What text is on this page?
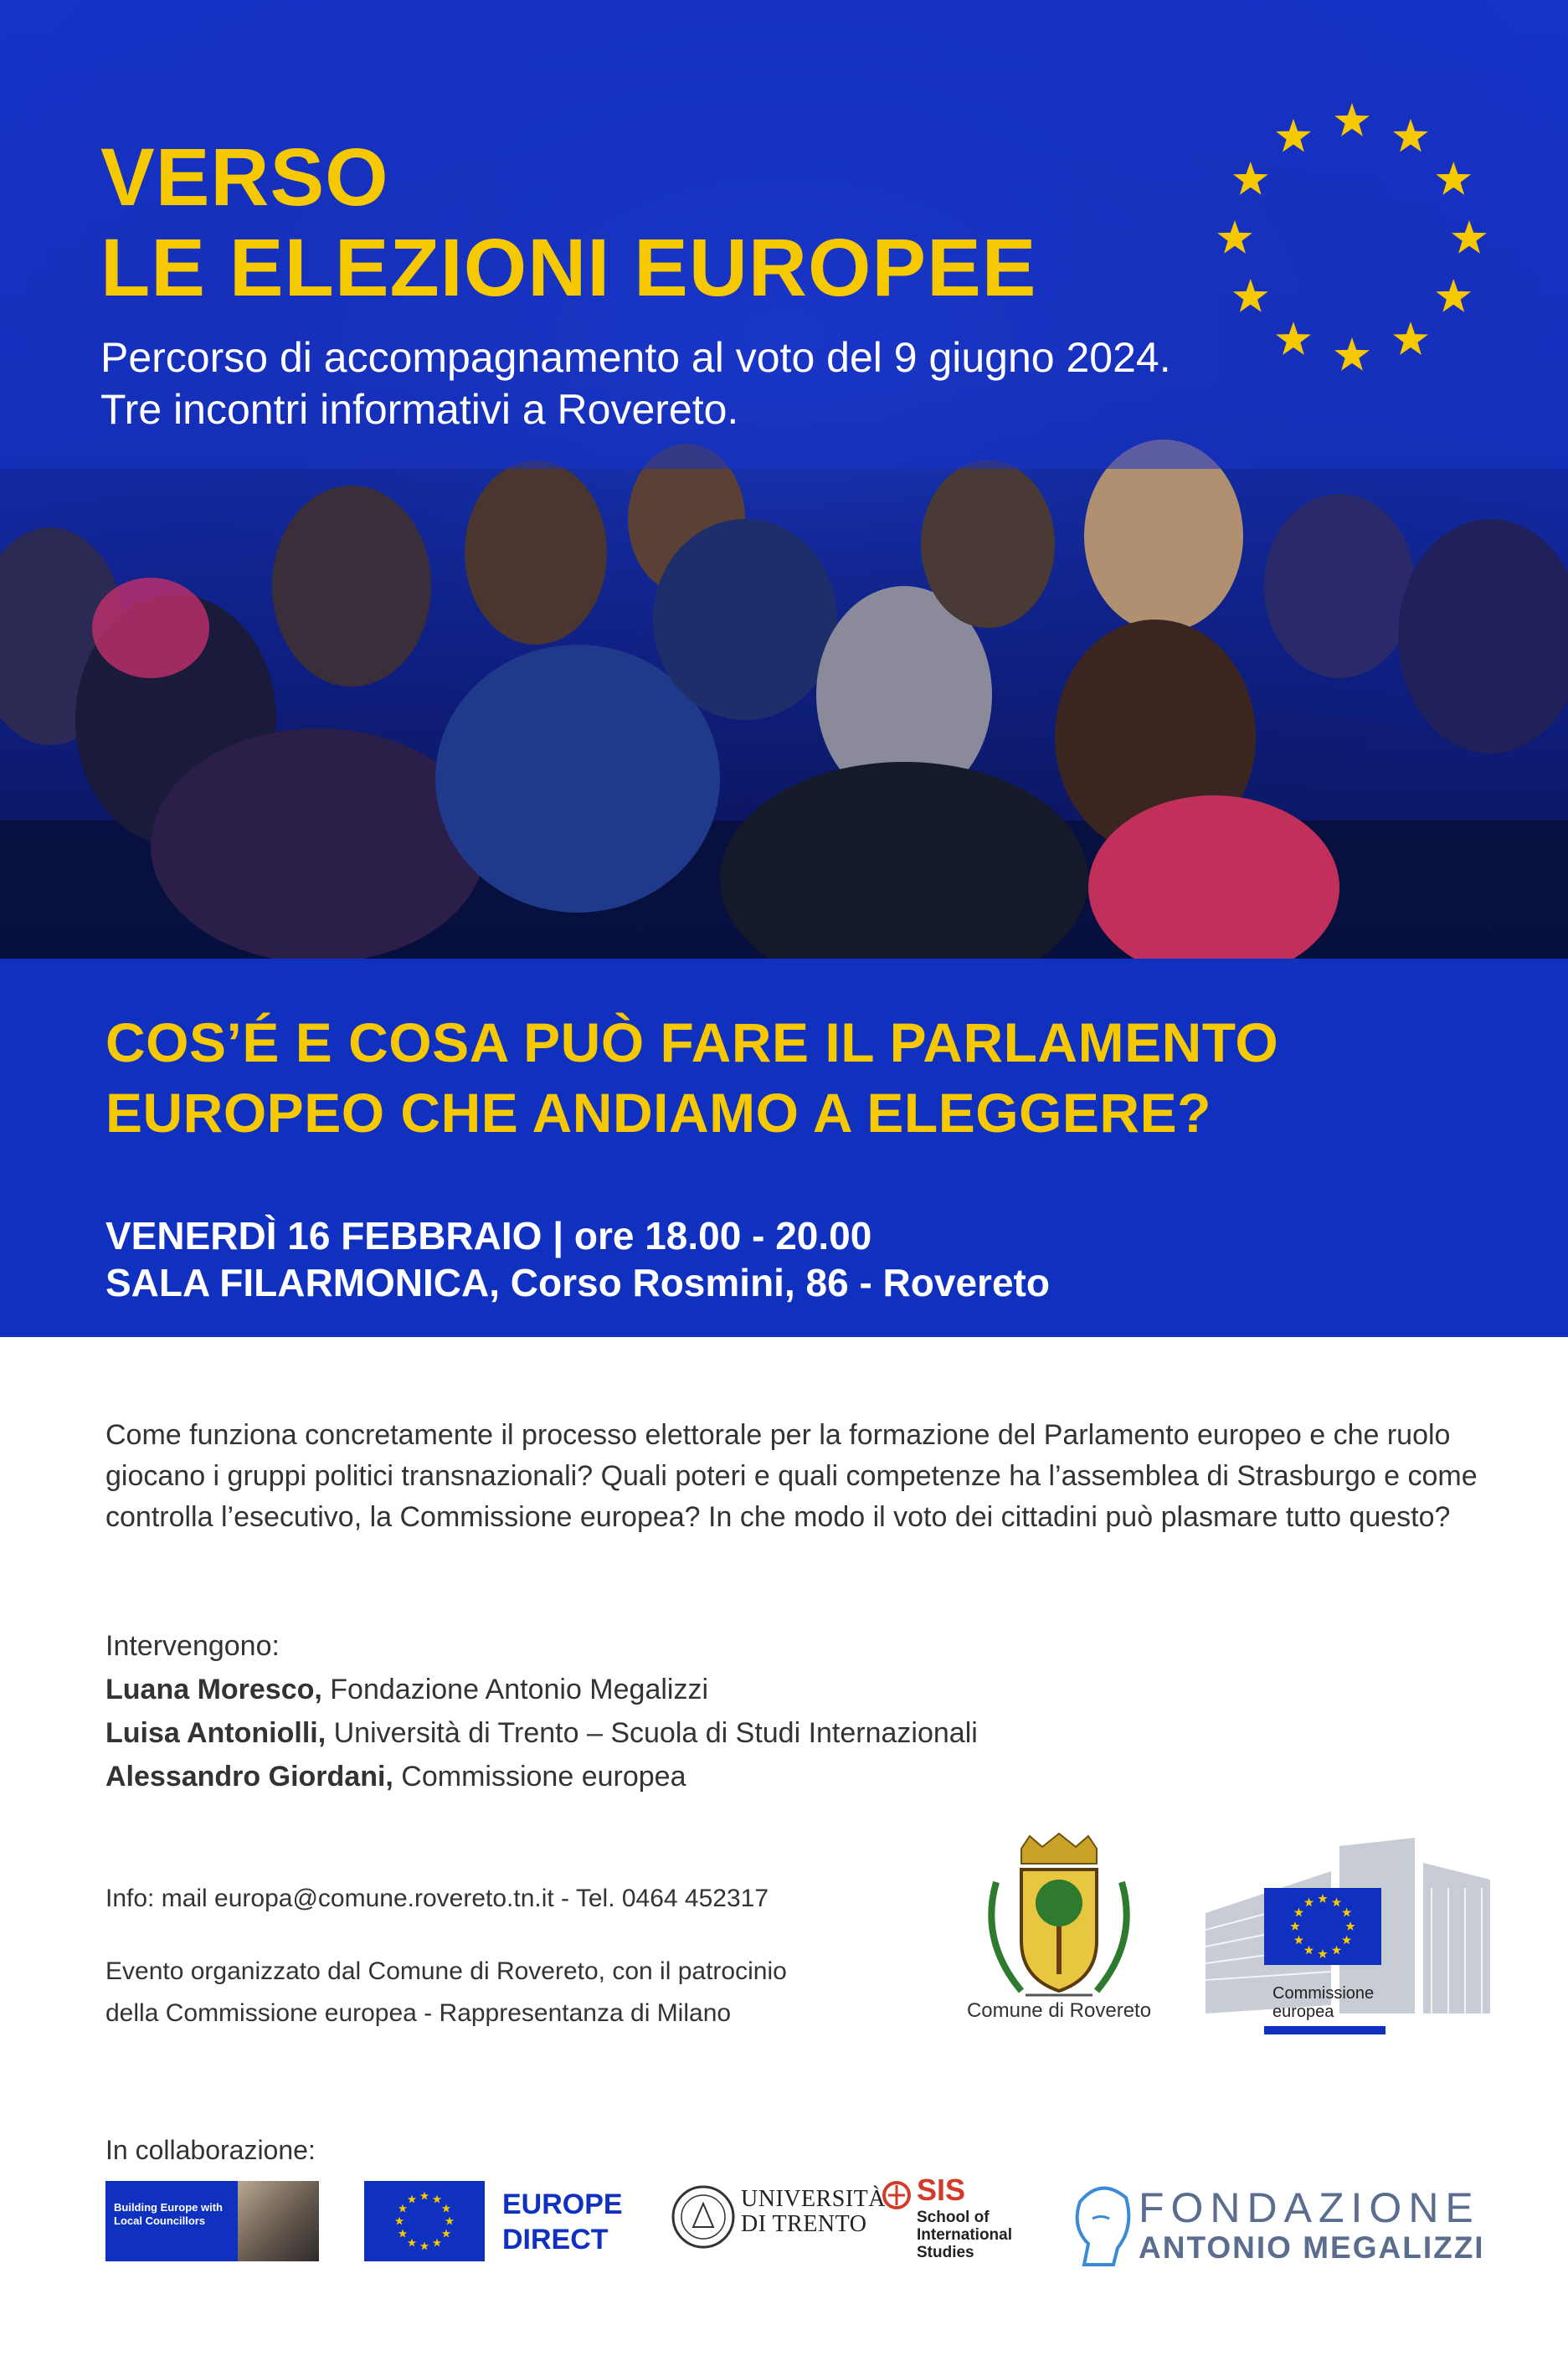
VERSO
LE ELEZIONI EUROPEE
Percorso di accompagnamento al voto del 9 giugno 2024.
Tre incontri informativi a Rovereto.
COS’É E COSA PUÒ FARE IL PARLAMENTO
EUROPEO CHE ANDIAMO A ELEGGERE?
VENERDÌ 16 FEBBRAIO | ore 18.00 - 20.00
SALA FILARMONICA, Corso Rosmini, 86 - Rovereto

Come funziona concretamente il processo elettorale per la formazione del Parlamento europeo e che ruolo giocano i gruppi politici transnazionali? Quali poteri e quali competenze ha l’assemblea di Strasburgo e come controlla l’esecutivo, la Commissione europea? In che modo il voto dei cittadini può plasmare tutto questo?

Intervengono:
Luana Moresco, Fondazione Antonio Megalizzi
Luisa Antoniolli, Università di Trento – Scuola di Studi Internazionali
Alessandro Giordani, Commissione europea
Info: mail europa@comune.rovereto.tn.it - Tel. 0464 452317
Evento organizzato dal Comune di Rovereto, con il patrocinio
della Commissione europea - Rappresentanza di Milano	Comune di Rovereto
Commissione
europea
In collaborazione:
Building Europe with
Local Councillors
EUROPE
DIRECT
UNIVERSITÀ
DI TRENTO
SIS
School of
International
Studies
FONDAZIONE
ANTONIO MEGALIZZI
